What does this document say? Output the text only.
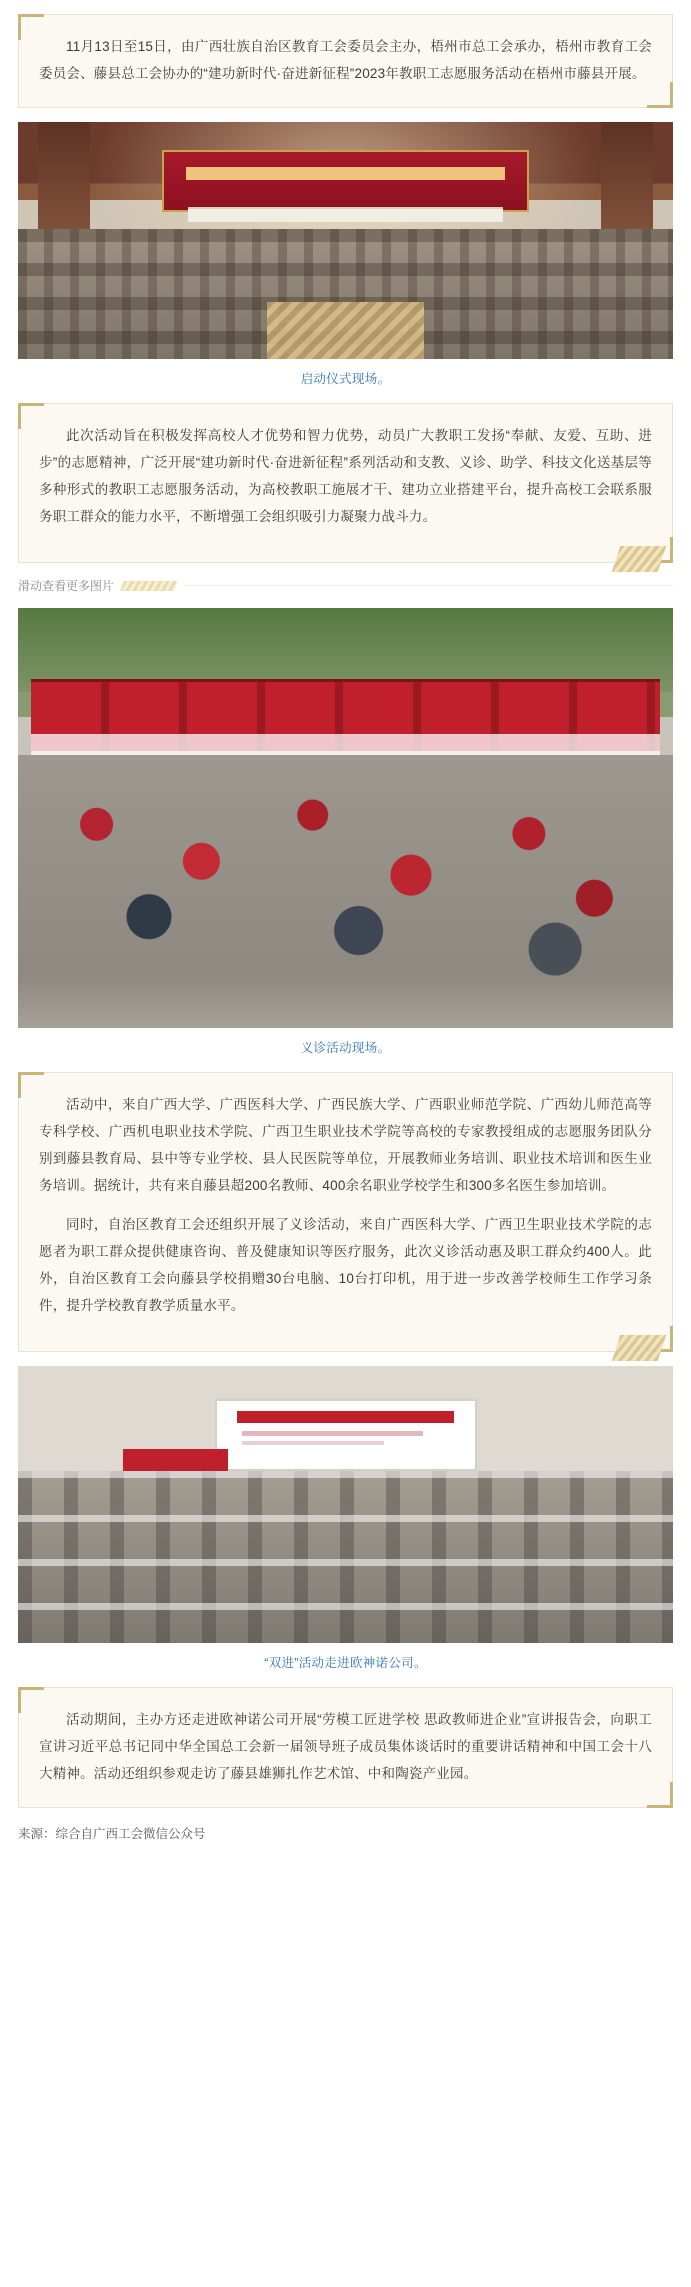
11月13日至15日，由广西壮族自治区教育工会委员会主办，梧州市总工会承办，梧州市教育工会委员会、藤县总工会协办的“建功新时代·奋进新征程”2023年教职工志愿服务活动在梧州市藤县开展。

启动仪式现场。

此次活动旨在积极发挥高校人才优势和智力优势，动员广大教职工发扬“奉献、友爱、互助、进步”的志愿精神，广泛开展“建功新时代·奋进新征程”系列活动和支教、义诊、助学、科技文化送基层等多种形式的教职工志愿服务活动，为高校教职工施展才干、建功立业搭建平台，提升高校工会联系服务职工群众的能力水平，不断增强工会组织吸引力凝聚力战斗力。

滑动查看更多图片
义诊活动现场。

活动中，来自广西大学、广西医科大学、广西民族大学、广西职业师范学院、广西幼儿师范高等专科学校、广西机电职业技术学院、广西卫生职业技术学院等高校的专家教授组成的志愿服务团队分别到藤县教育局、县中等专业学校、县人民医院等单位，开展教师业务培训、职业技术培训和医生业务培训。据统计，共有来自藤县超200名教师、400余名职业学校学生和300多名医生参加培训。

同时，自治区教育工会还组织开展了义诊活动，来自广西医科大学、广西卫生职业技术学院的志愿者为职工群众提供健康咨询、普及健康知识等医疗服务，此次义诊活动惠及职工群众约400人。此外，自治区教育工会向藤县学校捐赠30台电脑、10台打印机，用于进一步改善学校师生工作学习条件，提升学校教育教学质量水平。

“双进”活动走进欧神诺公司。

活动期间，主办方还走进欧神诺公司开展“劳模工匠进学校 思政教师进企业”宣讲报告会，向职工宣讲习近平总书记同中华全国总工会新一届领导班子成员集体谈话时的重要讲话精神和中国工会十八大精神。活动还组织参观走访了藤县雄狮扎作艺术馆、中和陶瓷产业园。

来源：综合自广西工会微信公众号
